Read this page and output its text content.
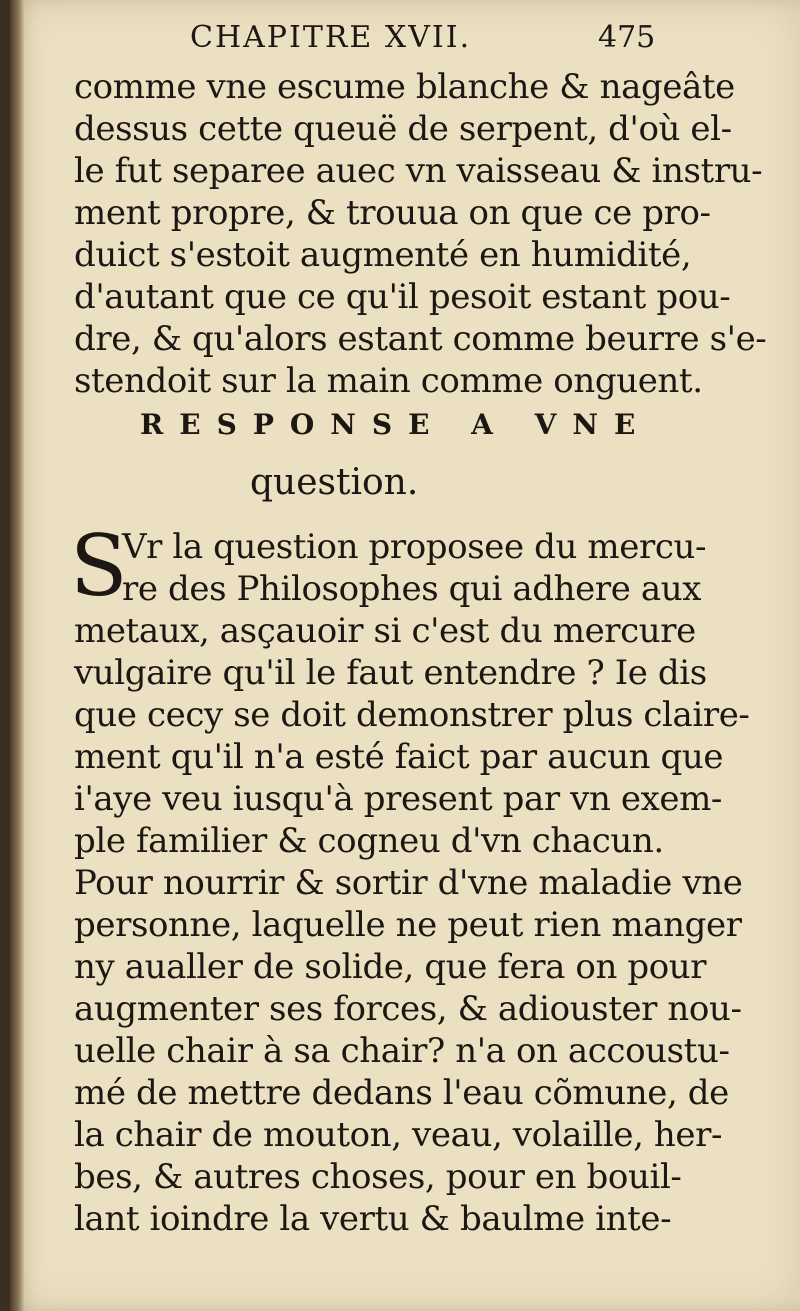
CHAPITRE XVII.	475
comme vne escume blanche & nageâte
dessus cette queuë de serpent, d'où el-
le fut separee auec vn vaisseau & instru-
ment propre, & trouua on que ce pro-
duict s'estoit augmenté en humidité,
d'autant que ce qu'il pesoit estant pou-
dre, & qu'alors estant comme beurre s'e-
stendoit sur la main comme onguent.
RESPONSE A VNE
question.
S
Vr la question proposee du mercu-
re des Philosophes qui adhere aux
metaux, asçauoir si c'est du mercure
vulgaire qu'il le faut entendre ? Ie dis
que cecy se doit demonstrer plus claire-
ment qu'il n'a esté faict par aucun que
i'aye veu iusqu'à present par vn exem-
ple familier & cogneu d'vn chacun.
Pour nourrir & sortir d'vne maladie vne
personne, laquelle ne peut rien manger
ny aualler de solide, que fera on pour
augmenter ses forces, & adiouster nou-
uelle chair à sa chair? n'a on accoustu-
mé de mettre dedans l'eau cõmune, de
la chair de mouton, veau, volaille, her-
bes, & autres choses, pour en bouil-
lant ioindre la vertu & baulme inte-
